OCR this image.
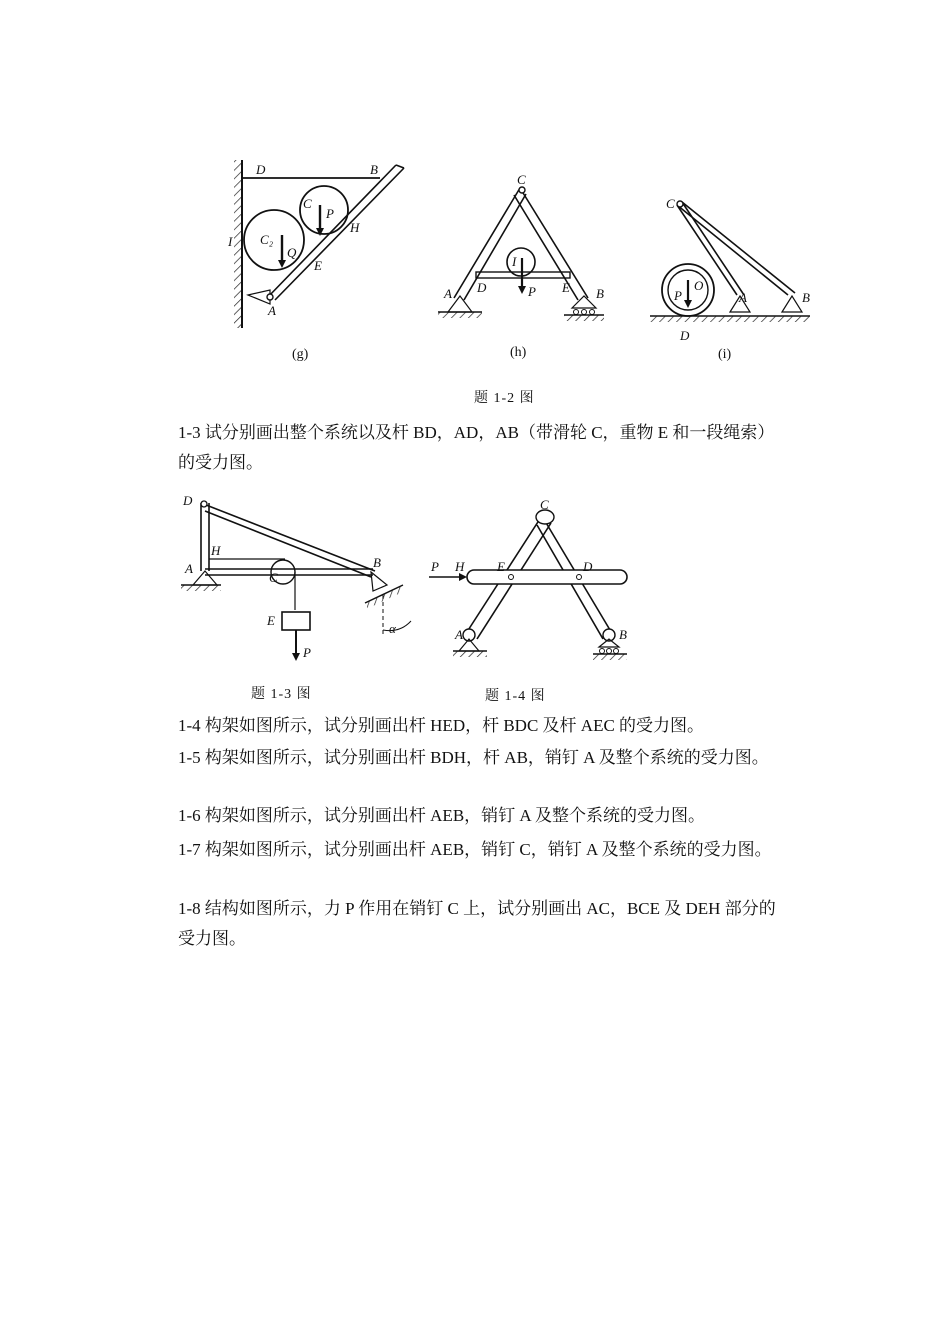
D	B
C
P
H
C₂
Q
I
E
A
(g)
C
I
A D	P E B
(h)
C
P
O
A	B
D
(i)
题 1-2 图
1-3 试分别画出整个系统以及杆 BD，AD，AB（带滑轮 C，重物 E 和一段绳索）的受力图。
D
H
A
C
B
E
P
α
题 1-3 图
C
P H	E	D
A	B
题 1-4 图
1-4 构架如图所示，试分别画出杆 HED，杆 BDC 及杆 AEC 的受力图。
1-5 构架如图所示，试分别画出杆 BDH，杆 AB，销钉 A 及整个系统的受力图。
1-6 构架如图所示，试分别画出杆 AEB，销钉 A 及整个系统的受力图。
1-7 构架如图所示，试分别画出杆 AEB，销钉 C，销钉 A 及整个系统的受力图。
1-8 结构如图所示，力 P 作用在销钉 C 上，试分别画出 AC，BCE 及 DEH 部分的受力图。
